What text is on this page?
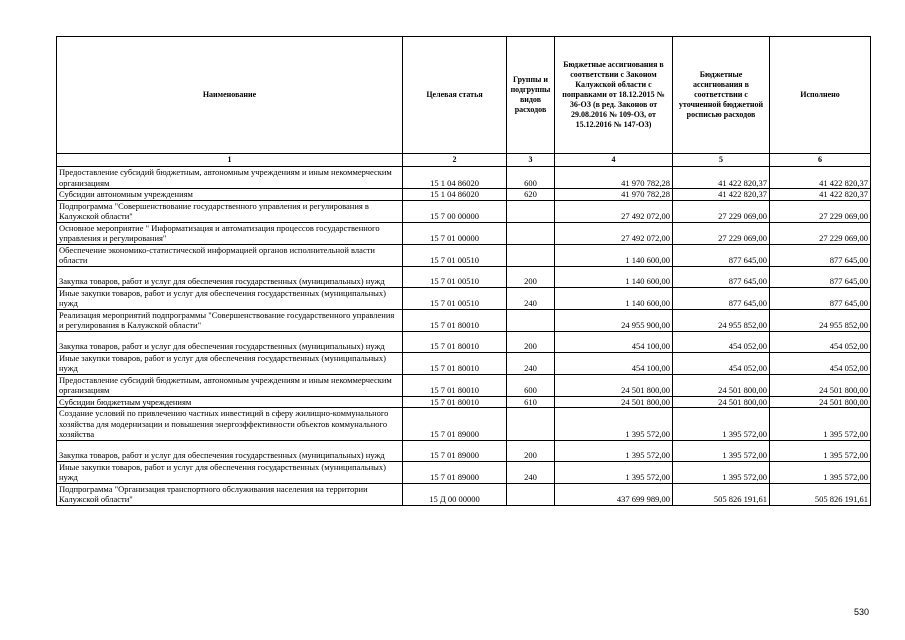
Наименование	Целевая статья	Группы и подгруппы видов расходов	Бюджетные ассигнования в соответствии с Законом Калужской области с поправками от 18.12.2015 № 36-ОЗ (в ред. Законов от 29.08.2016 № 109-ОЗ, от 15.12.2016 № 147-ОЗ)	Бюджетные ассигнования в соответствии с уточненной бюджетной росписью расходов	Исполнено
1	2	3	4	5	6
Предоставление субсидий бюджетным, автономным учреждениям и иным некоммерческим организациям	15 1 04 86020	600	41 970 782,28	41 422 820,37	41 422 820,37
Субсидии автономным учреждениям	15 1 04 86020	620	41 970 782,28	41 422 820,37	41 422 820,37
Подпрограмма "Совершенствование государственного управления и регулирования в Калужской области"	15 7 00 00000		27 492 072,00	27 229 069,00	27 229 069,00
Основное мероприятие " Информатизация и автоматизация процессов государственного управления и регулирования"	15 7 01 00000		27 492 072,00	27 229 069,00	27 229 069,00
Обеспечение экономико-статистической информацией органов исполнительной власти области	15 7 01 00510		1 140 600,00	877 645,00	877 645,00
Закупка товаров, работ и услуг для обеспечения государственных (муниципальных) нужд	15 7 01 00510	200	1 140 600,00	877 645,00	877 645,00
Иные закупки товаров, работ и услуг для обеспечения государственных (муниципальных) нужд	15 7 01 00510	240	1 140 600,00	877 645,00	877 645,00
Реализация мероприятий подпрограммы "Совершенствование государственного управления и регулирования в Калужской области"	15 7 01 80010		24 955 900,00	24 955 852,00	24 955 852,00
Закупка товаров, работ и услуг для обеспечения государственных (муниципальных) нужд	15 7 01 80010	200	454 100,00	454 052,00	454 052,00
Иные закупки товаров, работ и услуг для обеспечения государственных (муниципальных) нужд	15 7 01 80010	240	454 100,00	454 052,00	454 052,00
Предоставление субсидий бюджетным, автономным учреждениям и иным некоммерческим организациям	15 7 01 80010	600	24 501 800,00	24 501 800,00	24 501 800,00
Субсидии бюджетным учреждениям	15 7 01 80010	610	24 501 800,00	24 501 800,00	24 501 800,00
Создание условий по привлечению частных инвестиций в сферу жилищно-коммунального хозяйства для модернизации и повышения энергоэффективности объектов коммунального хозяйства	15 7 01 89000		1 395 572,00	1 395 572,00	1 395 572,00
Закупка товаров, работ и услуг для обеспечения государственных (муниципальных) нужд	15 7 01 89000	200	1 395 572,00	1 395 572,00	1 395 572,00
Иные закупки товаров, работ и услуг для обеспечения государственных (муниципальных) нужд	15 7 01 89000	240	1 395 572,00	1 395 572,00	1 395 572,00
Подпрограмма "Организация транспортного обслуживания населения на территории Калужской области"	15 Д 00 00000		437 699 989,00	505 826 191,61	505 826 191,61
530
